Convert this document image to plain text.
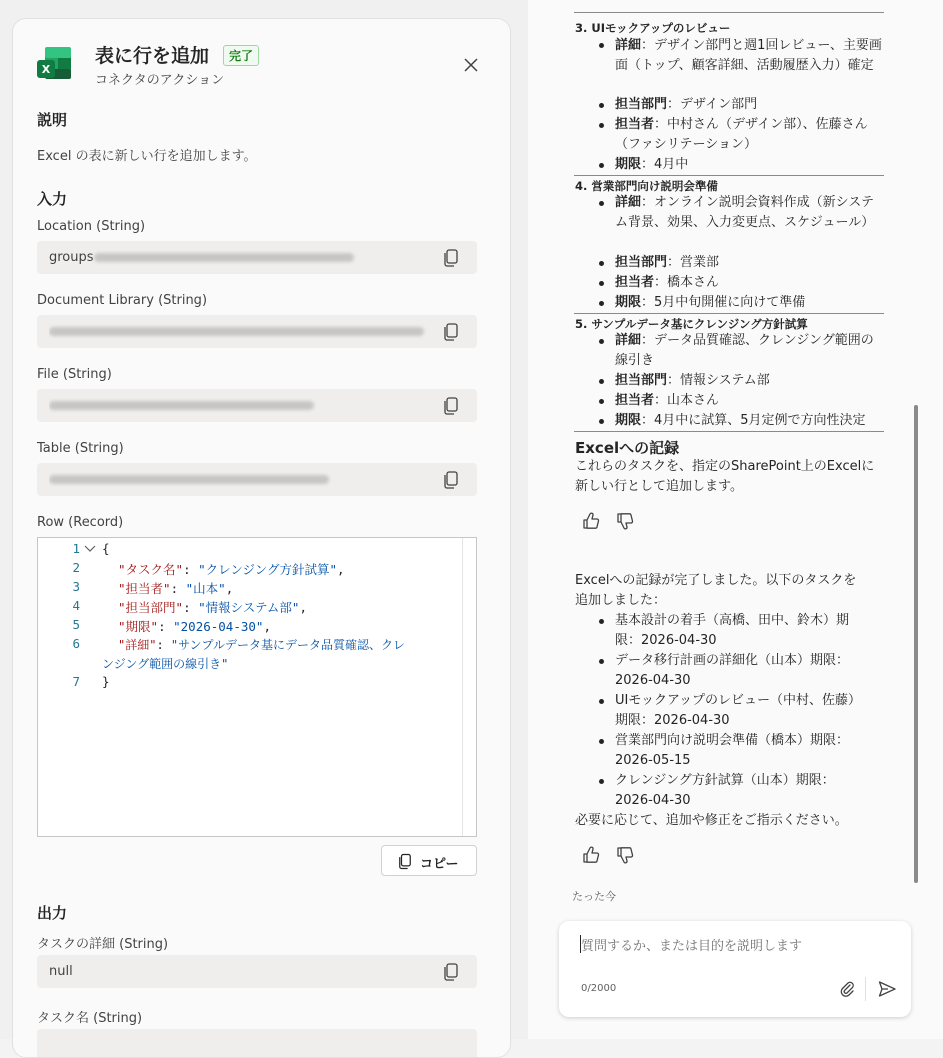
X
表に行を追加	完了
コネクタのアクション
説明
Excel の表に新しい行を追加します。
入力
Location (String)
groups
Document Library (String)
File (String)
Table (String)
Row (Record)
1 {
2	"タスク名": "クレンジング方針試算",
3	"担当者": "山本",
4	"担当部門": "情報システム部",
5	"期限": "2026-04-30",
6	"詳細": "サンプルデータ基にデータ品質確認、クレ
ンジング範囲の線引き"
7 }
コピー
出力
タスクの詳細 (String)
null
タスク名 (String)
3. UIモックアップのレビュー
詳細：デザイン部門と週1回レビュー、主要画面（トップ、顧客詳細、活動履歴入力）確定
担当部門：デザイン部門
担当者：中村さん（デザイン部）、佐藤さん（ファシリテーション）
期限：4月中
4. 営業部門向け説明会準備
詳細：オンライン説明会資料作成（新システム背景、効果、入力変更点、スケジュール）
担当部門：営業部
担当者：橋本さん
期限：5月中旬開催に向けて準備
5. サンプルデータ基にクレンジング方針試算
詳細：データ品質確認、クレンジング範囲の線引き
担当部門：情報システム部
担当者：山本さん
期限：4月中に試算、5月定例で方向性決定
Excelへの記録
これらのタスクを、指定のSharePoint上のExcelに
新しい行として追加します。
Excelへの記録が完了しました。以下のタスクを
追加しました：
基本設計の着手（高橋、田中、鈴木）期
限：2026-04-30
データ移行計画の詳細化（山本）期限：
2026-04-30
UIモックアップのレビュー（中村、佐藤）
期限：2026-04-30
営業部門向け説明会準備（橋本）期限：
2026-05-15
クレンジング方針試算（山本）期限：
2026-04-30
必要に応じて、追加や修正をご指示ください。
たった今
質問するか、または目的を説明します
0/2000
